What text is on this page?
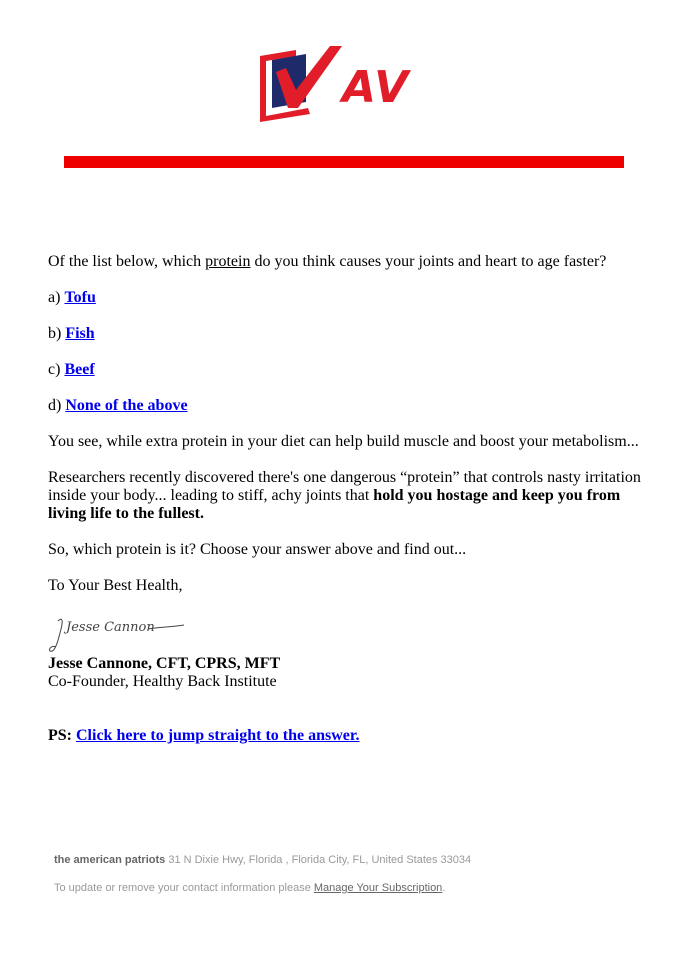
AV

Of the list below, which protein do you think causes your joints and heart to age faster?

a) Tofu

b) Fish

c) Beef

d) None of the above

You see, while extra protein in your diet can help build muscle and boost your metabolism...

Researchers recently discovered there's one dangerous “protein” that controls nasty irritation inside your body... leading to stiff, achy joints that hold you hostage and keep you from living life to the fullest.

So, which protein is it? Choose your answer above and find out...

To Your Best Health,

Jesse Cannon
Jesse Cannone, CFT, CPRS, MFT
Co-Founder, Healthy Back Institute

PS: Click here to jump straight to the answer.

the american patriots 31 N Dixie Hwy, Florida , Florida City, FL, United States 33034

To update or remove your contact information please Manage Your Subscription.
